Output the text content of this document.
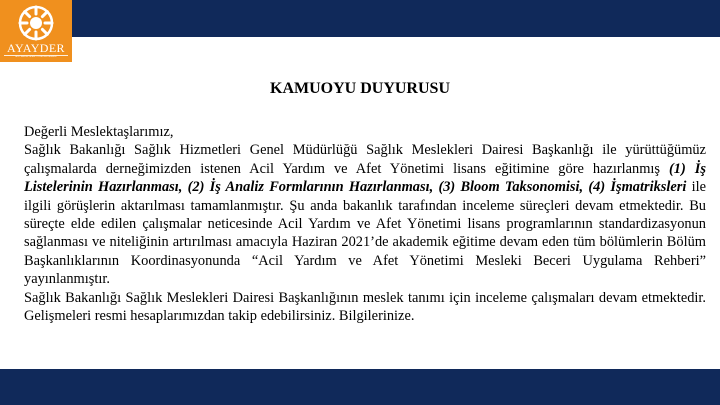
AYAYDER
ACİL YARDIM VE AFET YÖNETİMİ DERNEĞİ
KAMUOYU DUYURUSU

Değerli Meslektaşlarımız,

Sağlık Bakanlığı Sağlık Hizmetleri Genel Müdürlüğü Sağlık Meslekleri Dairesi Başkanlığı ile yürüttüğümüz çalışmalarda derneğimizden istenen Acil Yardım ve Afet Yönetimi lisans eğitimine göre hazırlanmış (1) İş Listelerinin Hazırlanması, (2) İş Analiz Formlarının Hazırlanması, (3) Bloom Taksonomisi, (4) İşmatriksleri ile ilgili görüşlerin aktarılması tamamlanmıştır. Şu anda bakanlık tarafından inceleme süreçleri devam etmektedir. Bu süreçte elde edilen çalışmalar neticesinde Acil Yardım ve Afet Yönetimi lisans programlarının standardizasyonun sağlanması ve niteliğinin artırılması amacıyla Haziran 2021’de akademik eğitime devam eden tüm bölümlerin Bölüm Başkanlıklarının Koordinasyonunda “Acil Yardım ve Afet Yönetimi Mesleki Beceri Uygulama Rehberi” yayınlanmıştır.

Sağlık Bakanlığı Sağlık Meslekleri Dairesi Başkanlığının meslek tanımı için inceleme çalışmaları devam etmektedir. Gelişmeleri resmi hesaplarımızdan takip edebilirsiniz. Bilgilerinize.
